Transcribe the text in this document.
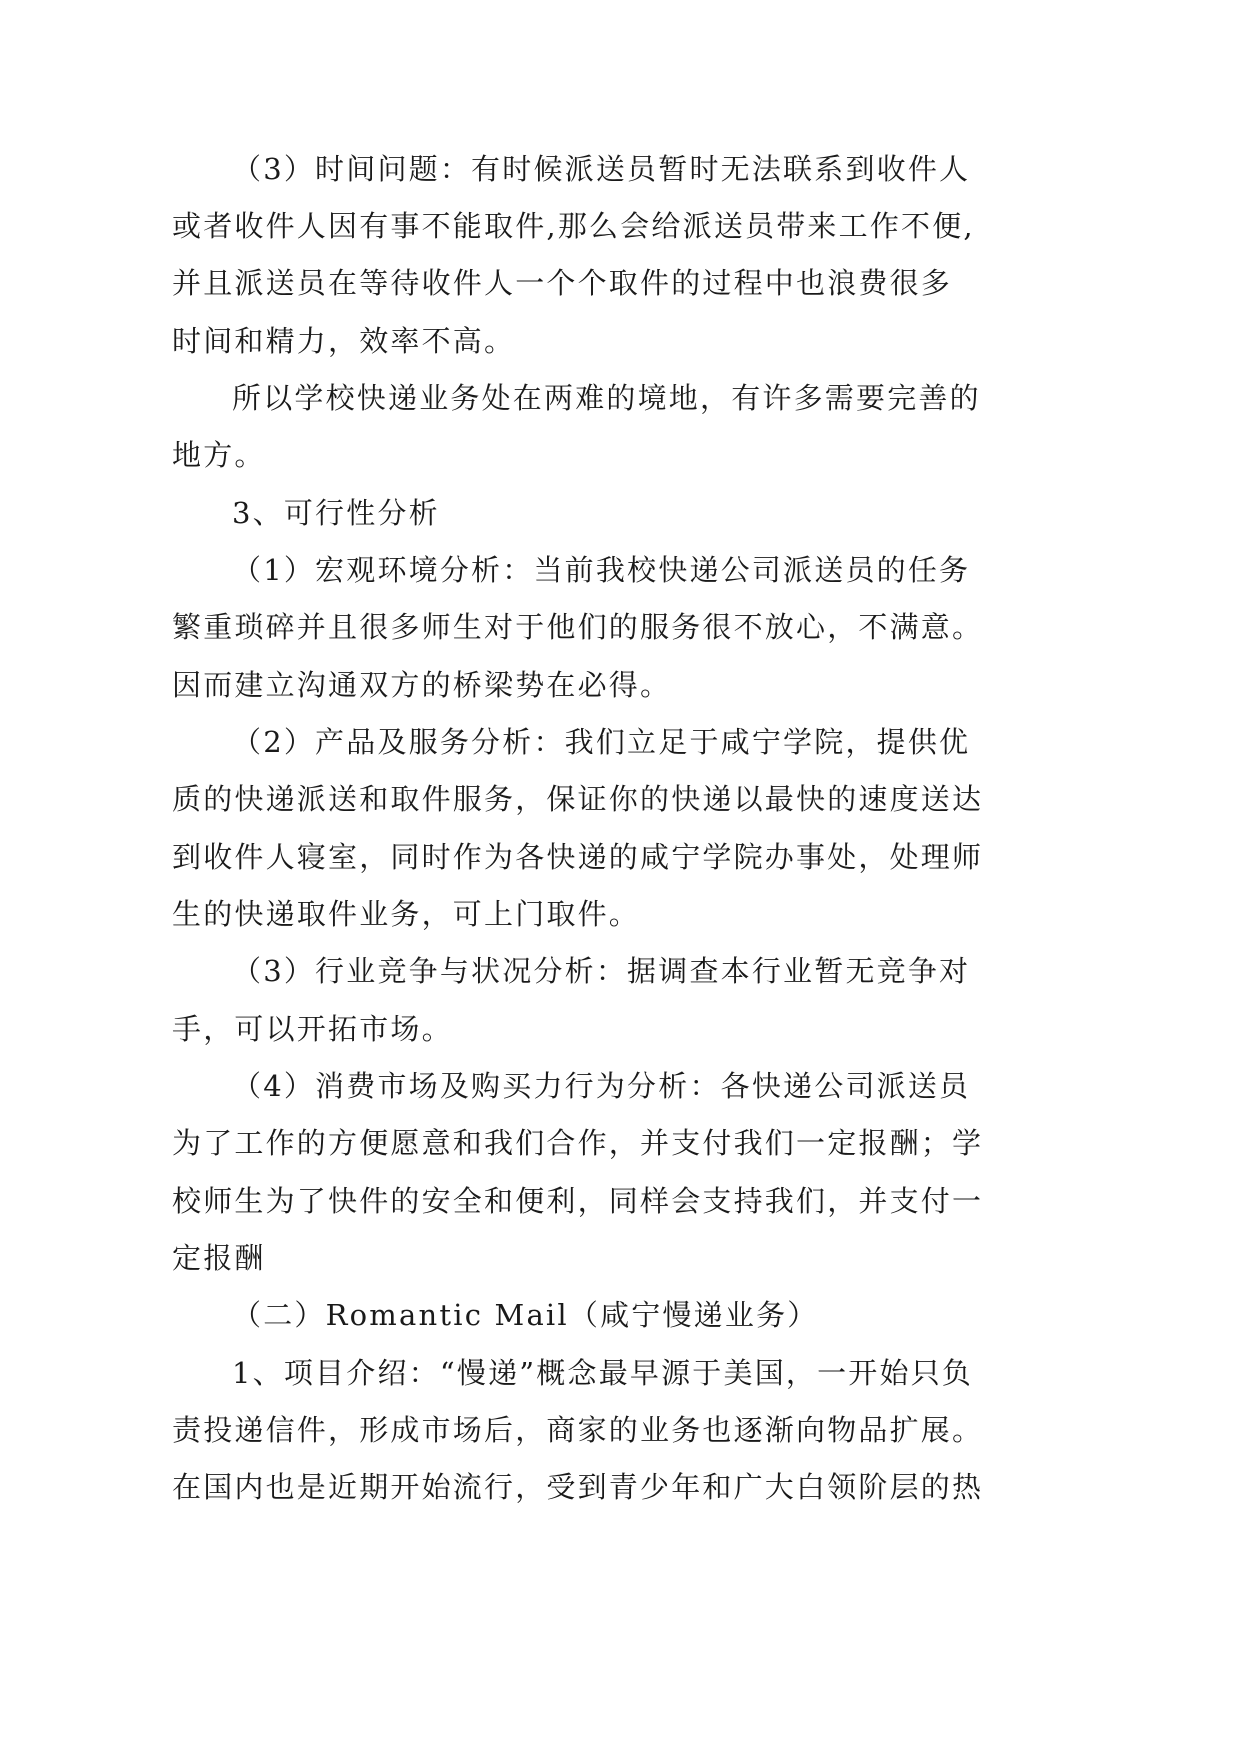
（3）时间问题：有时候派送员暂时无法联系到收件人
或者收件人因有事不能取件,那么会给派送员带来工作不便,
并且派送员在等待收件人一个个取件的过程中也浪费很多
时间和精力，效率不高。
所以学校快递业务处在两难的境地，有许多需要完善的
地方。
3、可行性分析
（1）宏观环境分析：当前我校快递公司派送员的任务
繁重琐碎并且很多师生对于他们的服务很不放心，不满意。
因而建立沟通双方的桥梁势在必得。
（2）产品及服务分析：我们立足于咸宁学院，提供优
质的快递派送和取件服务，保证你的快递以最快的速度送达
到收件人寝室，同时作为各快递的咸宁学院办事处，处理师
生的快递取件业务，可上门取件。
（3）行业竞争与状况分析：据调查本行业暂无竞争对
手，可以开拓市场。
（4）消费市场及购买力行为分析：各快递公司派送员
为了工作的方便愿意和我们合作，并支付我们一定报酬；学
校师生为了快件的安全和便利，同样会支持我们，并支付一
定报酬
（二）Romantic Mail（咸宁慢递业务）
1、项目介绍：“慢递”概念最早源于美国，一开始只负
责投递信件，形成市场后，商家的业务也逐渐向物品扩展。
在国内也是近期开始流行，受到青少年和广大白领阶层的热
